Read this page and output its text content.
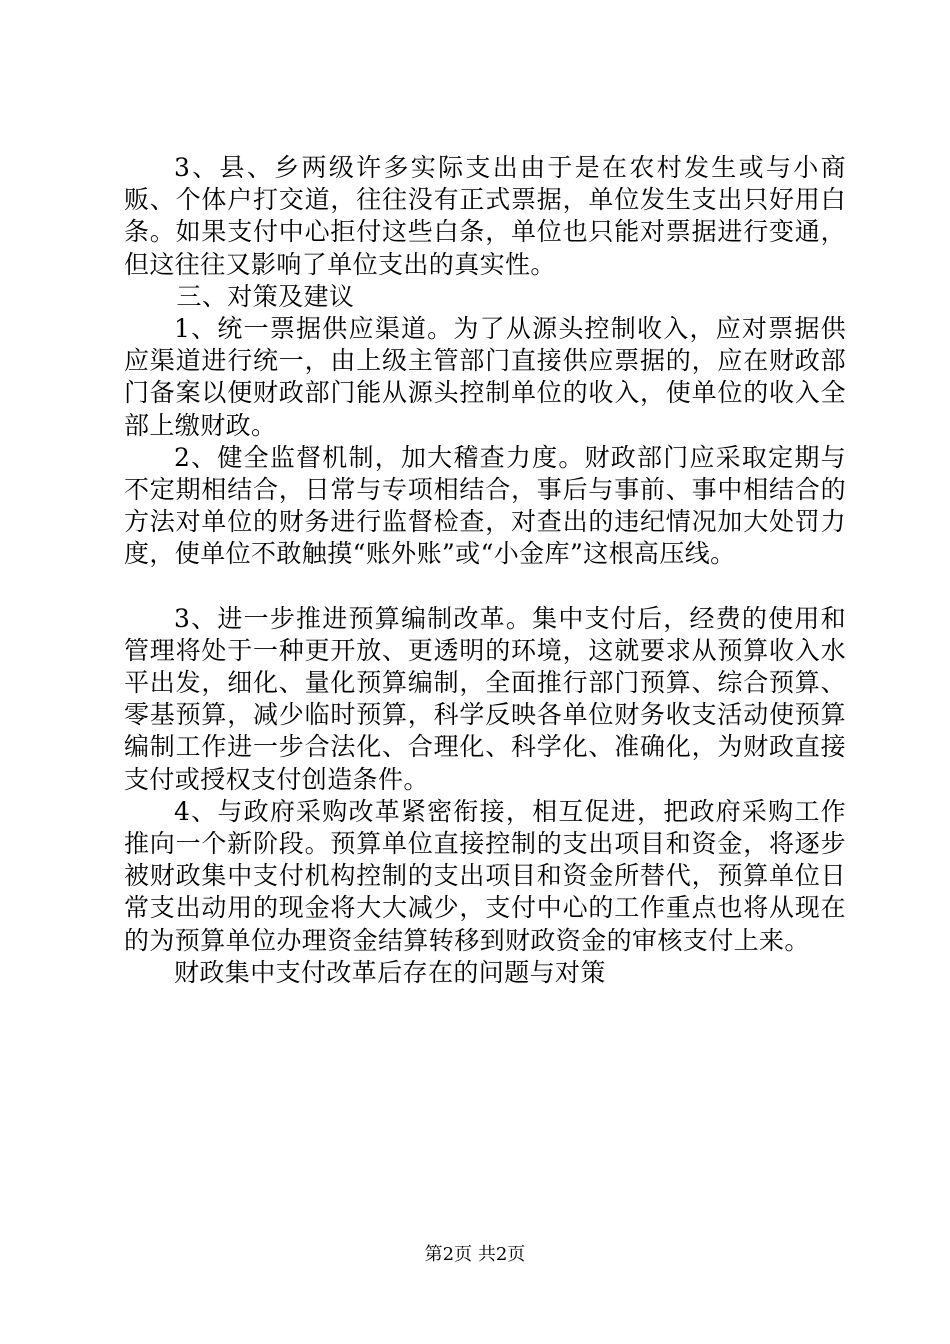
3、县、乡两级许多实际支出由于是在农村发生或与小商贩、个体户打交道，往往没有正式票据，单位发生支出只好用白条。如果支付中心拒付这些白条，单位也只能对票据进行变通，但这往往又影响了单位支出的真实性。

三、对策及建议

1、统一票据供应渠道。为了从源头控制收入，应对票据供应渠道进行统一，由上级主管部门直接供应票据的，应在财政部门备案以便财政部门能从源头控制单位的收入，使单位的收入全部上缴财政。

2、健全监督机制，加大稽查力度。财政部门应采取定期与不定期相结合，日常与专项相结合，事后与事前、事中相结合的方法对单位的财务进行监督检查，对查出的违纪情况加大处罚力度，使单位不敢触摸“账外账”或“小金库”这根高压线。

3、进一步推进预算编制改革。集中支付后，经费的使用和管理将处于一种更开放、更透明的环境，这就要求从预算收入水平出发，细化、量化预算编制，全面推行部门预算、综合预算、零基预算，减少临时预算，科学反映各单位财务收支活动使预算编制工作进一步合法化、合理化、科学化、准确化，为财政直接支付或授权支付创造条件。

4、与政府采购改革紧密衔接，相互促进，把政府采购工作推向一个新阶段。预算单位直接控制的支出项目和资金，将逐步被财政集中支付机构控制的支出项目和资金所替代，预算单位日常支出动用的现金将大大减少，支付中心的工作重点也将从现在的为预算单位办理资金结算转移到财政资金的审核支付上来。

财政集中支付改革后存在的问题与对策

第2页 共2页
